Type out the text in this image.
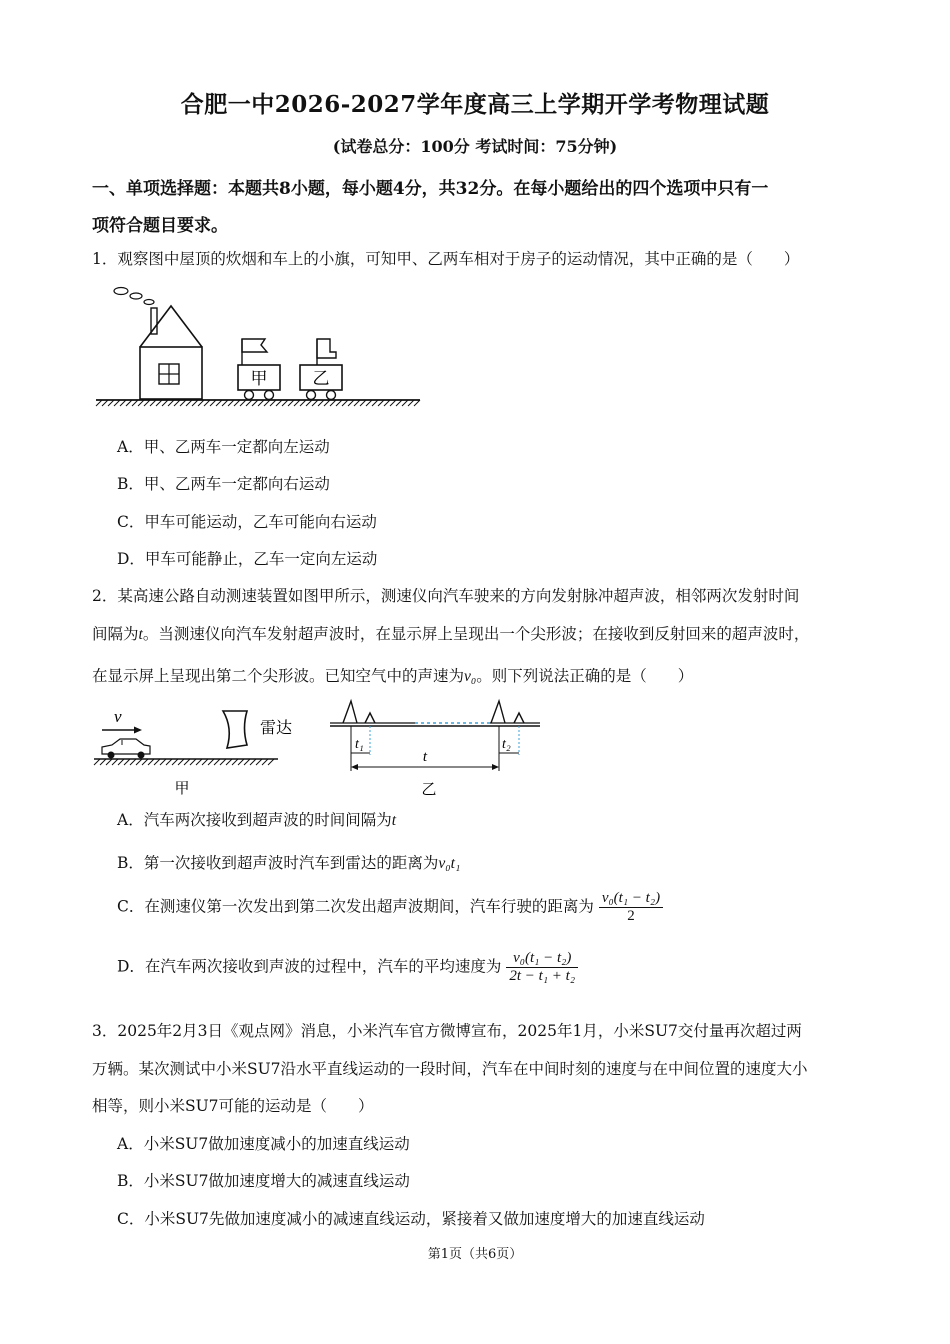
合肥一中2026-2027学年度高三上学期开学考物理试题
(试卷总分：100分 考试时间：75分钟)
一、单项选择题：本题共8小题，每小题4分，共32分。在每小题给出的四个选项中只有一
项符合题目要求。
1．观察图中屋顶的炊烟和车上的小旗，可知甲、乙两车相对于房子的运动情况，其中正确的是（　　）
甲	乙
A．甲、乙两车一定都向左运动
B．甲、乙两车一定都向右运动
C．甲车可能运动，乙车可能向右运动
D．甲车可能静止，乙车一定向左运动
2．某高速公路自动测速装置如图甲所示，测速仪向汽车驶来的方向发射脉冲超声波，相邻两次发射时间
间隔为t。当测速仪向汽车发射超声波时，在显示屏上呈现出一个尖形波；在接收到反射回来的超声波时，
在显示屏上呈现出第二个尖形波。已知空气中的声速为v₀。则下列说法正确的是（　　）
v
雷达
甲
t₁	t₂
t
乙
A．汽车两次接收到超声波的时间间隔为t
B．第一次接收到超声波时汽车到雷达的距离为v₀t₁
C．在测速仪第一次发出到第二次发出超声波期间，汽车行驶的距离为 $\frac{\text{v₀(t₁ − t₂)}}{2}$
D．在汽车两次接收到声波的过程中，汽车的平均速度为 $\frac{\text{v₀(t₁ − t₂)}}{\text{2t − t₁ + t₂}}$
3．2025年2月3日《观点网》消息，小米汽车官方微博宣布，2025年1月，小米SU7交付量再次超过两
万辆。某次测试中小米SU7沿水平直线运动的一段时间，汽车在中间时刻的速度与在中间位置的速度大小
相等，则小米SU7可能的运动是（　　）
A．小米SU7做加速度减小的加速直线运动
B．小米SU7做加速度增大的减速直线运动
C．小米SU7先做加速度减小的减速直线运动，紧接着又做加速度增大的加速直线运动
第1页（共6页）
